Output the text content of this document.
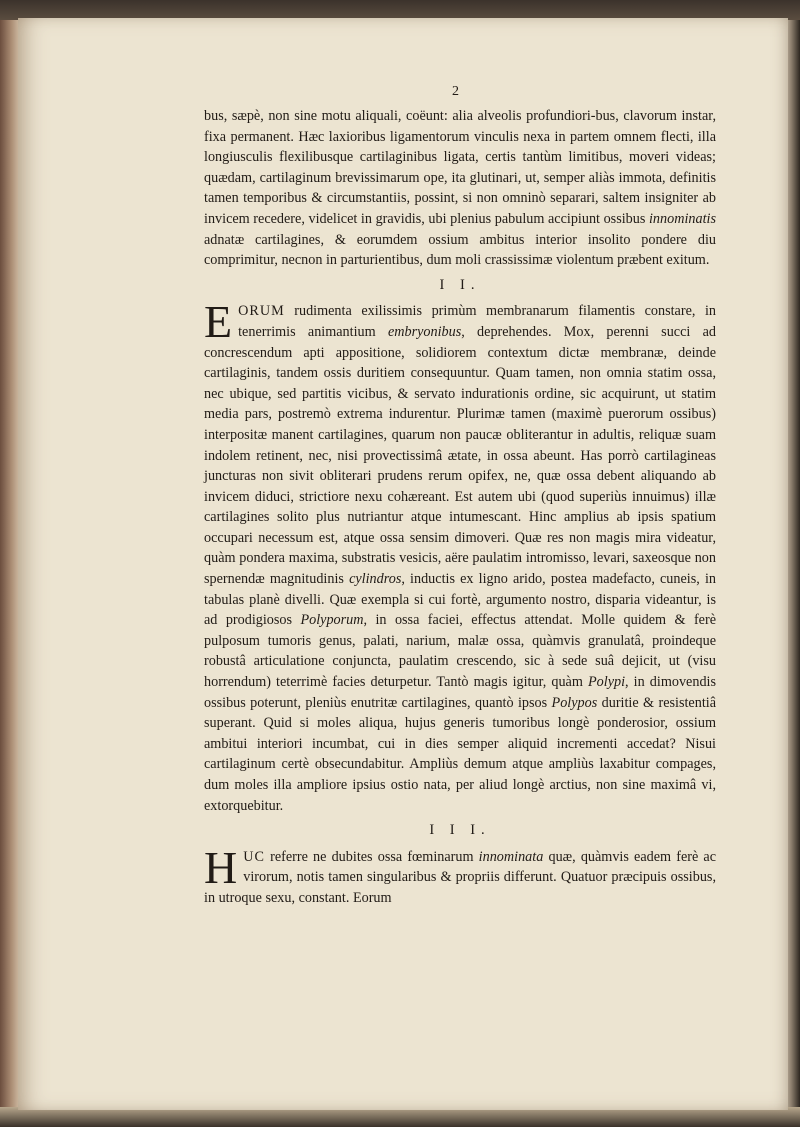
2

bus, sæpè, non sine motu aliquali, coëunt: alia alveolis profundiori-bus, clavorum instar, fixa permanent. Hæc laxioribus ligamentorum vinculis nexa in partem omnem flecti, illa longiusculis flexilibusque cartilaginibus ligata, certis tantùm limitibus, moveri videas; quædam, cartilaginum brevissimarum ope, ita glutinari, ut, semper aliàs immota, definitis tamen temporibus & circumstantiis, possint, si non omninò separari, saltem insigniter ab invicem recedere, videlicet in gravidis, ubi plenius pabulum accipiunt ossibus innominatis adnatæ cartilagines, & eorumdem ossium ambitus interior insolito pondere diu comprimitur, necnon in parturientibus, dum moli crassissimæ violentum præbent exitum.

I I.

E ORUM rudimenta exilissimis primùm membranarum filamentis constare, in tenerrimis animantium embryonibus, deprehendes. Mox, perenni succi ad concrescendum apti appositione, solidiorem contextum dictæ membranæ, deinde cartilaginis, tandem ossis duritiem consequuntur. Quam tamen, non omnia statim ossa, nec ubique, sed partitis vicibus, & servato indurationis ordine, sic acquirunt, ut statim media pars, postremò extrema indurentur. Plurimæ tamen (maximè puerorum ossibus) interpositæ manent cartilagines, quarum non paucæ obliterantur in adultis, reliquæ suam indolem retinent, nec, nisi provectissimâ ætate, in ossa abeunt. Has porrò cartilagineas juncturas non sivit obliterari prudens rerum opifex, ne, quæ ossa debent aliquando ab invicem diduci, strictiore nexu cohæreant. Est autem ubi (quod superiùs innuimus) illæ cartilagines solito plus nutriantur atque intumescant. Hinc amplius ab ipsis spatium occupari necessum est, atque ossa sensim dimoveri. Quæ res non magis mira videatur, quàm pondera maxima, substratis vesicis, aëre paulatim intromisso, levari, saxeosque non spernendæ magnitudinis cylindros, inductis ex ligno arido, postea madefacto, cuneis, in tabulas planè divelli. Quæ exempla si cui fortè, argumento nostro, disparia videantur, is ad prodigiosos Polyporum, in ossa faciei, effectus attendat. Molle quidem & ferè pulposum tumoris genus, palati, narium, malæ ossa, quàmvis granulatâ, proindeque robustâ articulatione conjuncta, paulatim crescendo, sic à sede suâ dejicit, ut (visu horrendum) teterrimè facies deturpetur. Tantò magis igitur, quàm Polypi, in dimovendis ossibus poterunt, pleniùs enutritæ cartilagines, quantò ipsos Polypos duritie & resistentiâ superant. Quid si moles aliqua, hujus generis tumoribus longè ponderosior, ossium ambitui interiori incumbat, cui in dies semper aliquid incrementi accedat? Nisui cartilaginum certè obsecundabitur. Ampliùs demum atque ampliùs laxabitur compages, dum moles illa ampliore ipsius ostio nata, per aliud longè arctius, non sine maximâ vi, extorquebitur.

I I I.

H UC referre ne dubites ossa fœminarum innominata quæ, quàmvis eadem ferè ac virorum, notis tamen singularibus & propriis differunt. Quatuor præcipuis ossibus, in utroque sexu, constant. Eorum
